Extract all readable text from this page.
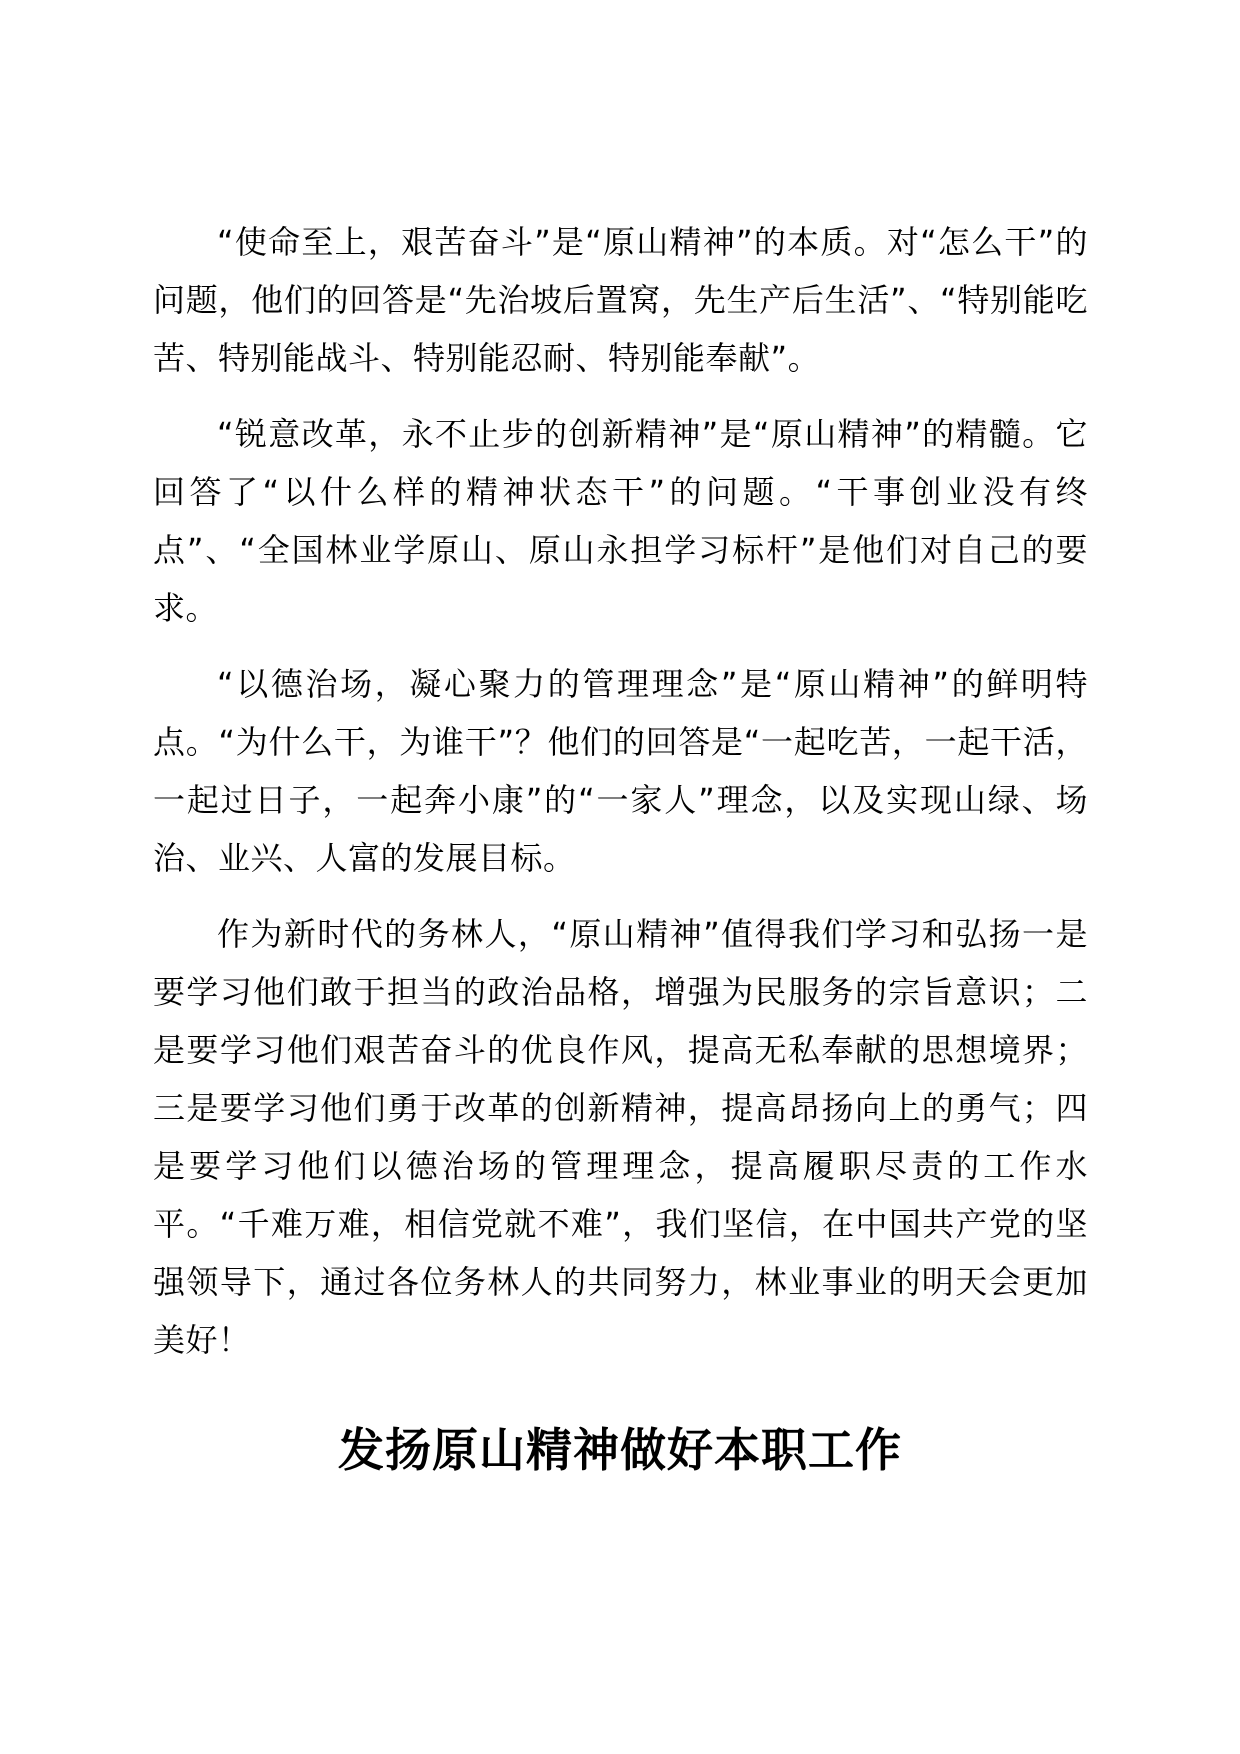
“使命至上，艰苦奋斗”是“原山精神”的本质。对“怎么干”的问题，他们的回答是“先治坡后置窝，先生产后生活”、“特别能吃苦、特别能战斗、特别能忍耐、特别能奉献”。

“锐意改革，永不止步的创新精神”是“原山精神”的精髓。它回答了“以什么样的精神状态干”的问题。“干事创业没有终点”、“全国林业学原山、原山永担学习标杆”是他们对自己的要求。

“以德治场，凝心聚力的管理理念”是“原山精神”的鲜明特点。“为什么干，为谁干”？他们的回答是“一起吃苦，一起干活，一起过日子，一起奔小康”的“一家人”理念，以及实现山绿、场治、业兴、人富的发展目标。

作为新时代的务林人，“原山精神”值得我们学习和弘扬一是要学习他们敢于担当的政治品格，增强为民服务的宗旨意识；二是要学习他们艰苦奋斗的优良作风，提高无私奉献的思想境界；三是要学习他们勇于改革的创新精神，提高昂扬向上的勇气；四是要学习他们以德治场的管理理念，提高履职尽责的工作水平。“千难万难，相信党就不难”，我们坚信，在中国共产党的坚强领导下，通过各位务林人的共同努力，林业事业的明天会更加美好！

发扬原山精神做好本职工作
